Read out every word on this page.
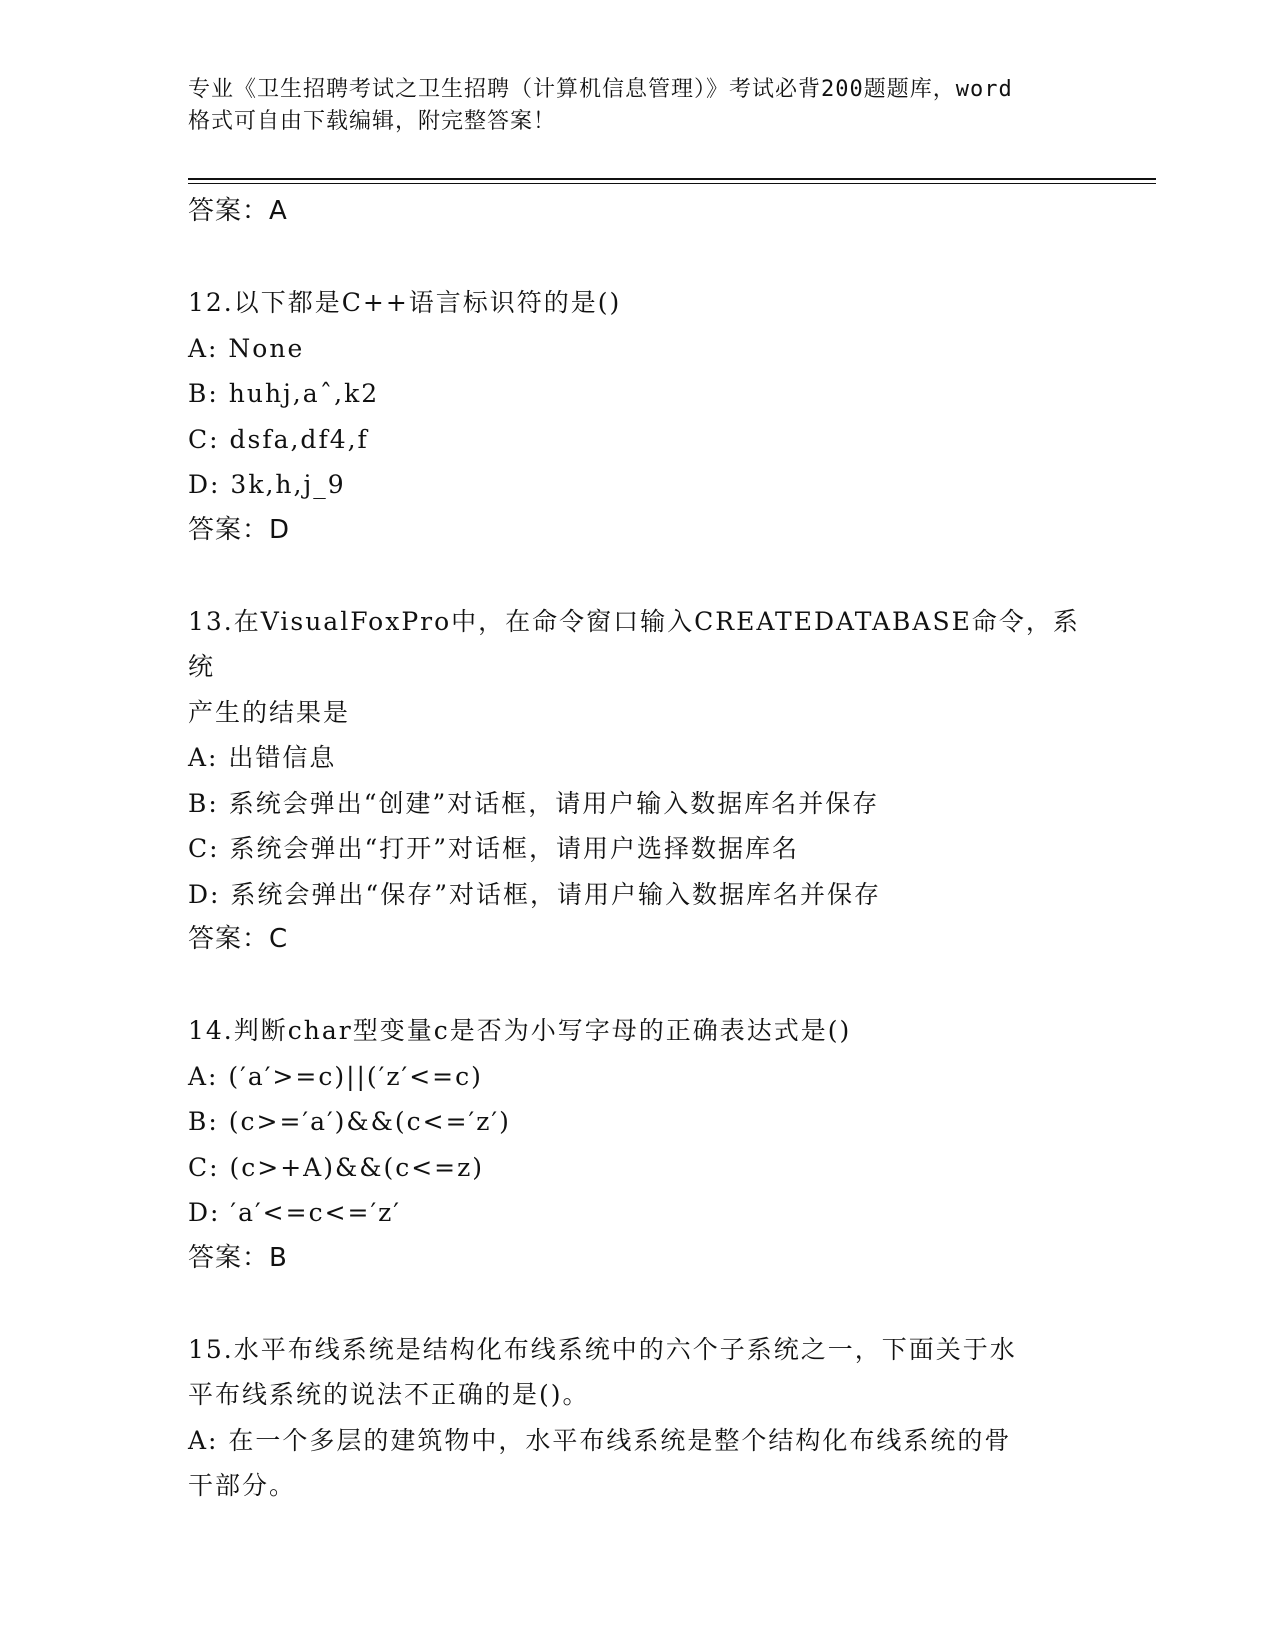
专业《卫生招聘考试之卫生招聘（计算机信息管理）》考试必背200题题库，word
格式可自由下载编辑，附完整答案！
答案：A
12.以下都是C++语言标识符的是()
A: None
B: huhj,aˆ,k2
C: dsfa,df4,f
D: 3k,h,j_9
答案：D
13.在VisualFoxPro中，在命令窗口输入CREATEDATABASE命令，系统
产生的结果是
A: 出错信息
B: 系统会弹出“创建”对话框，请用户输入数据库名并保存
C: 系统会弹出“打开”对话框，请用户选择数据库名
D: 系统会弹出“保存”对话框，请用户输入数据库名并保存
答案：C
14.判断char型变量c是否为小写字母的正确表达式是()
A: (′a′>=c)||(′z′<=c)
B: (c>=′a′)&&(c<=′z′)
C: (c>+A)&&(c<=z)
D: ′a′<=c<=′z′
答案：B
15.水平布线系统是结构化布线系统中的六个子系统之一，下面关于水
平布线系统的说法不正确的是()。
A: 在一个多层的建筑物中，水平布线系统是整个结构化布线系统的骨
干部分。
